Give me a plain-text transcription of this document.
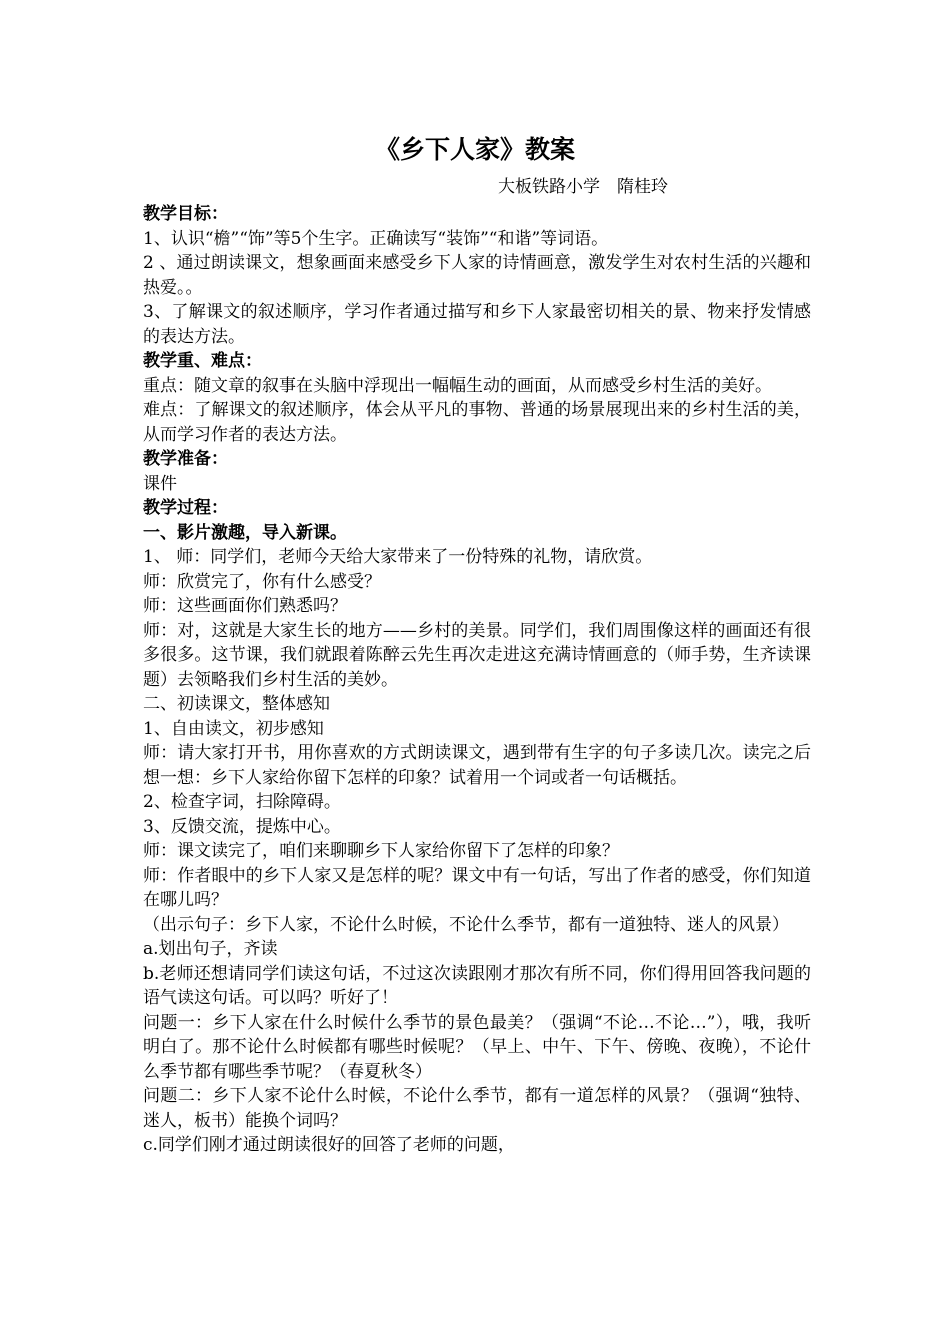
《乡下人家》教案
大板铁路小学　隋桂玲

教学目标：

1、认识“檐”“饰”等5个生字。正确读写“装饰”“和谐”等词语。

2 、通过朗读课文，想象画面来感受乡下人家的诗情画意，激发学生对农村生活的兴趣和热爱。。

3、了解课文的叙述顺序，学习作者通过描写和乡下人家最密切相关的景、物来抒发情感的表达方法。

教学重、难点：

重点：随文章的叙事在头脑中浮现出一幅幅生动的画面，从而感受乡村生活的美好。

难点：了解课文的叙述顺序，体会从平凡的事物、普通的场景展现出来的乡村生活的美，从而学习作者的表达方法。

教学准备：

课件

教学过程：

一、影片激趣，导入新课。

1、 师：同学们，老师今天给大家带来了一份特殊的礼物，请欣赏。

师：欣赏完了，你有什么感受？

师：这些画面你们熟悉吗？

师：对，这就是大家生长的地方——乡村的美景。同学们，我们周围像这样的画面还有很多很多。这节课，我们就跟着陈醉云先生再次走进这充满诗情画意的（师手势，生齐读课题）去领略我们乡村生活的美妙。

二、初读课文，整体感知

1、自由读文，初步感知

师：请大家打开书，用你喜欢的方式朗读课文，遇到带有生字的句子多读几次。读完之后想一想：乡下人家给你留下怎样的印象？试着用一个词或者一句话概括。

2、检查字词，扫除障碍。

3、反馈交流，提炼中心。

师：课文读完了，咱们来聊聊乡下人家给你留下了怎样的印象？

师：作者眼中的乡下人家又是怎样的呢？课文中有一句话，写出了作者的感受，你们知道在哪儿吗？

（出示句子：乡下人家，不论什么时候，不论什么季节，都有一道独特、迷人的风景）

a.划出句子，齐读

b.老师还想请同学们读这句话，不过这次读跟刚才那次有所不同，你们得用回答我问题的语气读这句话。可以吗？听好了！

问题一：乡下人家在什么时候什么季节的景色最美？（强调“不论…不论…”），哦，我听明白了。那不论什么时候都有哪些时候呢？（早上、中午、下午、傍晚、夜晚），不论什么季节都有哪些季节呢？（春夏秋冬）

问题二：乡下人家不论什么时候，不论什么季节，都有一道怎样的风景？（强调“独特、迷人，板书）能换个词吗？

c.同学们刚才通过朗读很好的回答了老师的问题，
